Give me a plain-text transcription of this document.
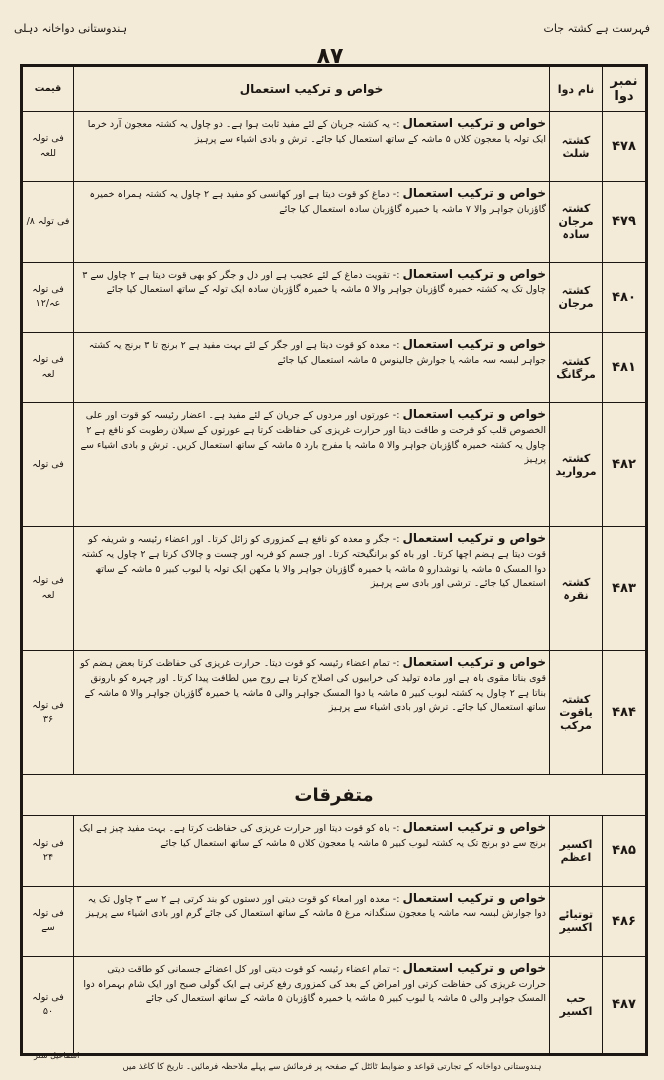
فہرست ہے کشتہ جات
ہندوستانی دواخانہ دہلی
۸۷
نمبر دوا	نام دوا	خواص و ترکیب استعمال	قیمت
۴۷۸	کشتہ شلث	خواص و ترکیب استعمال :- یہ کشتہ جریان کے لئے مفید ثابت ہوا ہے۔ دو چاول یہ کشتہ معجون آرد خرما ایک تولہ یا معجون کلاں ۵ ماشہ کے ساتھ استعمال کیا جائے۔ ترش و بادی اشیاء سے پرہیز	فی تولہ للعہ
۴۷۹	کشتہ مرجان سادہ	خواص و ترکیب استعمال :- دماغ کو قوت دیتا ہے اور کھانسی کو مفید ہے ۲ چاول یہ کشتہ ہمراہ خمیرہ گاؤزبان جواہر والا ۷ ماشہ یا خمیرہ گاؤزبان سادہ استعمال کیا جائے	فی تولہ ۸/
۴۸۰	کشتہ مرجان	خواص و ترکیب استعمال :- تقویت دماغ کے لئے عجیب ہے اور دل و جگر کو بھی قوت دیتا ہے ۲ چاول سے ۳ چاول تک یہ کشتہ خمیرہ گاؤزبان جواہر والا ۵ ماشہ یا خمیرہ گاؤزبان سادہ ایک تولہ کے ساتھ استعمال کیا جائے	فی تولہ عہ/۱۲
۴۸۱	کشتہ مرگانگ	خواص و ترکیب استعمال :- معدہ کو قوت دیتا ہے اور جگر کے لئے بہت مفید ہے ۲ برنج تا ۳ برنج یہ کشتہ جواہر لبسہ سہ ماشہ یا جوارش جالینوس ۵ ماشہ استعمال کیا جائے	فی تولہ لعہ
۴۸۲	کشتہ مروارید	خواص و ترکیب استعمال :- عورتوں اور مردوں کے جریان کے لئے مفید ہے۔ اعضار رئیسہ کو قوت اور علی الخصوص قلب کو فرحت و طاقت دیتا اور حرارت غریزی کی حفاظت کرتا ہے عورتوں کے سیلان رطوبت کو نافع ہے ۲ چاول یہ کشتہ خمیرہ گاؤزبان جواہر والا ۵ ماشہ یا مفرح بارد ۵ ماشہ کے ساتھ استعمال کریں۔ ترش و بادی اشیاء سے پرہیز	فی تولہ
۴۸۳	کشتہ نقرہ	خواص و ترکیب استعمال :- جگر و معدہ کو نافع ہے کمزوری کو زائل کرتا۔ اور اعضاء رئیسہ و شریفہ کو قوت دیتا ہے ہضم اچھا کرتا۔ اور باہ کو برانگیختہ کرتا۔ اور جسم کو فربہ اور چست و چالاک کرتا ہے ۲ چاول یہ کشتہ دوا المسک ۵ ماشہ یا نوشدارو ۵ ماشہ یا خمیرہ گاؤزبان جواہر والا یا مکھن ایک تولہ یا لبوب کبیر ۵ ماشہ کے ساتھ استعمال کیا جائے۔ ترشی اور بادی سے پرہیز	فی تولہ لعہ
۴۸۴	کشتہ یاقوت مرکب	خواص و ترکیب استعمال :- تمام اعضاء رئیسہ کو قوت دیتا۔ حرارت غریزی کی حفاظت کرتا بعض ہضم کو قوی بناتا مقوی باہ ہے اور مادہ تولید کی خرابیوں کی اصلاح کرتا ہے روح میں لطافت پیدا کرتا۔ اور چہرہ کو بارونق بناتا ہے ۲ چاول یہ کشتہ لبوب کبیر ۵ ماشہ یا دوا المسک جواہر والی ۵ ماشہ یا خمیرہ گاؤزبان جواہر والا ۵ ماشہ کے ساتھ استعمال کیا جائے۔ ترش اور بادی اشیاء سے پرہیز	فی تولہ ۳۶
متفرقات			
۴۸۵	اکسیر اعظم	خواص و ترکیب استعمال :- باہ کو قوت دیتا اور حرارت غریزی کی حفاظت کرتا ہے۔ بہت مفید چیز ہے ایک برنج سے دو برنج تک یہ کشتہ لبوب کبیر ۵ ماشہ یا معجون کلاں ۵ ماشہ کے ساتھ استعمال کیا جائے	فی تولہ ۲۴
۴۸۶	توتیائے اکسیر	خواص و ترکیب استعمال :- معدہ اور امعاء کو قوت دیتی اور دستوں کو بند کرتی ہے ۲ سے ۳ چاول تک یہ دوا جوارش لبسہ سہ ماشہ یا معجون سنگدانہ مرغ ۵ ماشہ کے ساتھ استعمال کی جائے گرم اور بادی اشیاء سے پرہیز	فی تولہ سے
۴۸۷	حب اکسیر	خواص و ترکیب استعمال :- تمام اعضاء رئیسہ کو قوت دیتی اور کل اعضائے جسمانی کو طاقت دیتی حرارت غریزی کی حفاظت کرتی اور امراض کے بعد کی کمزوری رفع کرتی ہے ایک گولی صبح اور ایک شام بہمراہ دوا المسک جواہر والی ۵ ماشہ یا لبوب کبیر ۵ ماشہ یا خمیرہ گاؤزبان ۵ ماشہ کے ساتھ استعمال کی جائے	فی تولہ ۵۰
اسماعیل سنز
ہندوستانی دواخانہ کے تجارتی قواعد و ضوابط ٹائٹل کے صفحہ پر فرمائش سے پہلے ملاحظہ فرمائیں۔ تاریخ کا کاغذ میں
